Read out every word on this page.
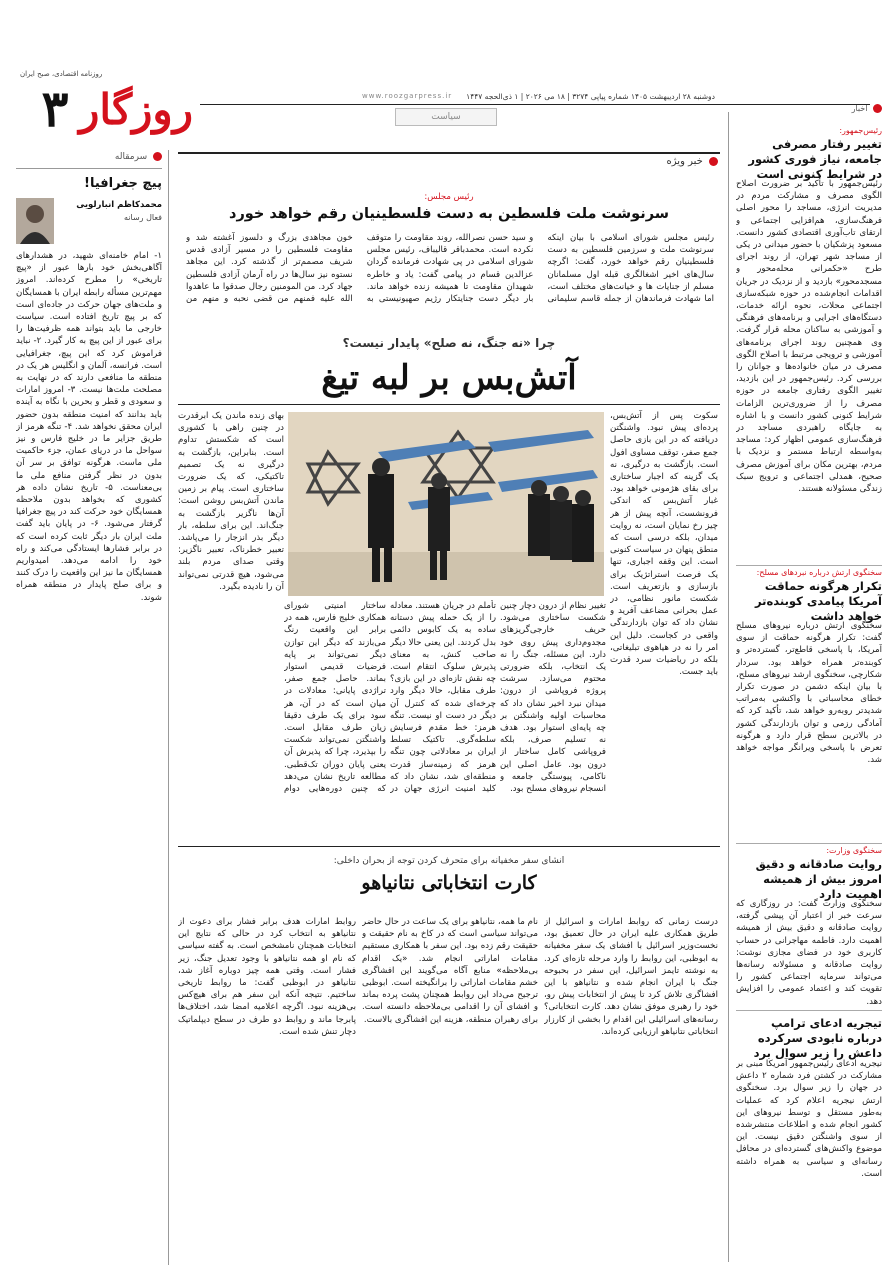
روزنامه اقتصادی، صبح ایران
۳ روزگار	دوشنبه ۲۸ اردیبهشت ۱۴۰۵ شماره پیاپی ۳۲۷۴ | ۱۸ می ۲۰۲۶ | ۱ ذی‌الحجه ۱۴۴۷
www.roozgarpress.ir
سیاست
اخبار
رئیس‌جمهور:
تغییر رفتار مصرفی جامعه، نیاز فوری کشور در شرایط کنونی است
رئیس‌جمهور با تأکید بر ضرورت اصلاح الگوی مصرف و مشارکت مردم در مدیریت انرژی، مساجد را محور اصلی فرهنگ‌سازی، هم‌افزایی اجتماعی و ارتقای تاب‌آوری اقتصادی کشور دانست. مسعود پزشکیان با حضور میدانی در یکی از مساجد شهر تهران، از روند اجرای طرح «حکمرانی محله‌محور و مسجد‌محور» بازدید و از نزدیک در جریان اقدامات انجام‌شده در حوزه شبکه‌سازی اجتماعی محلات، نحوه ارائه خدمات، دستگاه‌های اجرایی و برنامه‌های فرهنگی و آموزشی به ساکنان محله قرار گرفت. وی همچنین روند اجرای برنامه‌های آموزشی و ترویجی مرتبط با اصلاح الگوی مصرف در میان خانواده‌ها و جوانان را بررسی کرد. رئیس‌جمهور در این بازدید، تغییر الگوی رفتاری جامعه در حوزه مصرف را از ضروری‌ترین الزامات شرایط کنونی کشور دانست و با اشاره به جایگاه راهبردی مساجد در فرهنگ‌سازی عمومی اظهار کرد: مساجد به‌واسطه ارتباط مستمر و نزدیک با مردم، بهترین مکان برای آموزش مصرف صحیح، همدلی اجتماعی و ترویج سبک زندگی مسئولانه هستند.
سخنگوی ارتش درباره نبردهای مسلح:
تکرار هرگونه حماقت آمریکا پیامدی کوبنده‌تر خواهد داشت
سخنگوی ارتش درباره نیروهای مسلح گفت: تکرار هرگونه حماقت از سوی آمریکا، با پاسخی قاطع‌تر، گسترده‌تر و کوبنده‌تر همراه خواهد بود. سردار شکارچی، سخنگوی ارشد نیروهای مسلح، با بیان اینکه دشمن در صورت تکرار خطای محاسباتی با واکنشی به‌مراتب شدیدتر روبه‌رو خواهد شد، تأکید کرد که آمادگی رزمی و توان بازدارندگی کشور در بالاترین سطح قرار دارد و هرگونه تعرض با پاسخی ویرانگر مواجه خواهد شد.
سخنگوی وزارت:
روایت صادقانه و دقیق امروز بیش از همیشه اهمیت دارد
سخنگوی وزارت گفت: در روزگاری که سرعت خبر از اعتبار آن پیشی گرفته، روایت صادقانه و دقیق بیش از همیشه اهمیت دارد. فاطمه مهاجرانی در حساب کاربری خود در فضای مجازی نوشت: روایت صادقانه و مسئولانه رسانه‌ها می‌تواند سرمایه اجتماعی کشور را تقویت کند و اعتماد عمومی را افزایش دهد.
تیجریه ادعای ترامپ درباره نابودی سرکرده داعش را زیر سوال برد
نیجریه ادعای رئیس‌جمهور آمریکا مبنی بر مشارکت در کشتن فرد شماره ۲ داعش در جهان را زیر سوال برد. سخنگوی ارتش نیجریه اعلام کرد که عملیات به‌طور مستقل و توسط نیروهای این کشور انجام شده و اطلاعات منتشرشده از سوی واشنگتن دقیق نیست. این موضوع واکنش‌های گسترده‌ای در محافل رسانه‌ای و سیاسی به همراه داشته است.
خبر ویژه
رئیس مجلس:
سرنوشت ملت فلسطین به دست فلسطینیان رقم خواهد خورد
رئیس مجلس شورای اسلامی با بیان اینکه سرنوشت ملت و سرزمین فلسطین به دست فلسطینیان رقم خواهد خورد، گفت: اگرچه سال‌های اخیر اشغالگری قبله اول مسلمانان مسلم از جنایات ها و خیانت‌های مختلف است، اما شهادت فرماندهان از جمله قاسم سلیمانی و سید حسن نصرالله، روند مقاومت را متوقف نکرده است. محمدباقر قالیباف، رئیس مجلس شورای اسلامی در پی شهادت فرمانده گردان عزالدین قسام در پیامی گفت: یاد و خاطره شهیدان مقاومت تا همیشه زنده خواهد ماند. بار دیگر دست جنایتکار رژیم صهیونیستی به خون مجاهدی بزرگ و دلسوز آغشته شد و مقاومت فلسطین را در مسیر آزادی قدس شریف مصمم‌تر از گذشته کرد. این مجاهد نستوه نیز سال‌ها در راه آرمان آزادی فلسطین جهاد کرد. من المومنین رجال صدقوا ما عاهدوا الله علیه فمنهم من قضی نحبه و منهم من
چرا «نه جنگ، نه صلح» پایدار نیست؟
آتش‌بس بر لبه تیغ
سکوت پس از آتش‌بس، پرده‌ای پیش نبود. واشنگتن دریافته که در این بازی حاصل جمع صفر، توقف مساوی افول است. بازگشت به درگیری، نه یک گزینه که اجبار ساختاری برای بقای هژمونی خواهد بود. غبار آتش‌بس که اندکی فرونشست، آنچه پیش از هر چیز رخ نمایان است، نه روایت میدان، بلکه درسی است که منطق پنهان در سیاست کنونی است. این وقفه اجباری، تنها یک فرصت استراتژیک برای بازسازی و بازتعریف است. شکست مانور نظامی، در عمل بحرانی مضاعف آفرید و نشان داد که توان بازدارندگی واقعی در کجاست. دلیل این امر را نه در هیاهوی تبلیغاتی، بلکه در ریاضیات سرد قدرت باید جست.
بهای زنده ماندن یک ابرقدرت در چنین راهی با کشوری است که شکستش تداوم است. بنابراین، بازگشت به درگیری نه یک تصمیم تاکتیکی، که یک ضرورت ساختاری است. پیام بر زمین ماندن آتش‌بس روشن است: آن‌ها ناگزیر بازگشت به جنگ‌اند. این برای سلطه، بار دیگر بذر انزجار را می‌پاشد. تعبیر خطرناک، تعبیر ناگزیر: وقتی صدای مردم بلند می‌شود، هیچ قدرتی نمی‌تواند آن را نادیده بگیرد.
تغییر نظام از درون دچار چنین شکست ساختاری می‌شود. حریف خارجی‌گریزهای مجدوم‌داری پیش روی خود دارد. این مسئله، جنگ را نه یک انتخاب، بلکه ضرورتی محتوم می‌سازد. سرشت پروژه فروپاشی از درون: میدان نبرد اخیر نشان داد که محاسبات اولیه واشنگتن بر چه پایه‌ای استوار بود. هدف نه تسلیم صرف، بلکه فروپاشی کامل ساختار از درون بود. عامل اصلی این ناکامی، پیوستگی جامعه و انسجام نیروهای مسلح بود.
تأملم در جریان هستند. معادله را از یک حمله پیش دستانه ساده به یک کابوس دائمی بدل کردند. این یعنی حالا دیگر صاحب کنش، به معنای پذیرش سلوک انتقام است. چه نقش تازه‌ای در این بازی؟ طرف مقابل، حالا دیگر وارد چرخه‌ای شده که کنترل آن دیگر در دست او نیست. تنگه هرمز: خط مقدم فرسایش سلطه‌گری. تاکتیک تسلط ایران بر معادلاتی چون تنگه هرمز که زمینه‌ساز قدرت منطقه‌ای شد، نشان داد که کلید امنیت انرژی جهان در
ساختار امنیتی شورای همکاری خلیج فارس، همه در برابر این واقعیت رنگ می‌بازند که دیگر این توازن دیگر نمی‌تواند بر پایه فرضیات قدیمی استوار بماند. حاصل جمع صفر، تراژدی پایانی: معادلات در میان است که در آن، هر سود برای یک طرف دقیقا زیان طرف مقابل است. واشنگتن نمی‌تواند شکست را بپذیرد، چرا که پذیرش آن یعنی پایان دوران تک‌قطبی. مطالعه تاریخ نشان می‌دهد که چنین دوره‌هایی دوام
انشای سفر مخفیانه برای متحرف کردن توجه از بحران داخلی:
کارت انتخاباتی نتانیاهو
درست زمانی که روابط امارات و اسرائیل از طریق همکاری علیه ایران در حال تعمیق بود، نخست‌وزیر اسرائیل با افشای یک سفر مخفیانه به ابوظبی، این روابط را وارد مرحله تازه‌ای کرد. به نوشته تایمز اسرائیل، این سفر در بحبوحه جنگ با ایران انجام شده و نتانیاهو با این افشاگری تلاش کرد تا پیش از انتخابات پیش رو، خود را رهبری موفق نشان دهد. کارت انتخاباتی؟ رسانه‌های اسرائیلی این اقدام را بخشی از کارزار انتخاباتی نتانیاهو ارزیابی کرده‌اند.
نام ما همه، نتانیاهو برای یک ساعت در حال حاضر می‌تواند سیاسی است که در کاخ به نام حقیقت و حقیقت رقم زده بود. این سفر با همکاری مستقیم مقامات اماراتی انجام شد. «یک اقدام بی‌ملاحظه» منابع آگاه می‌گویند این افشاگری خشم مقامات اماراتی را برانگیخته است. ابوظبی ترجیح می‌داد این روابط همچنان پشت پرده بماند و افشای آن را اقدامی بی‌ملاحظه دانسته است. برای رهبران منطقه، هزینه این افشاگری بالاست.
روابط امارات هدف برابر فشار برای دعوت از نتانیاهو به انتخاب کرد در حالی که نتایج این انتخابات همچنان نامشخص است. به گفته سیاسی که نام او همه نتانیاهو با وجود تعدیل جنگ، زیر فشار است. وقتی همه چیز دوباره آغاز شد، نتانیاهو در ابوظبی گفت: ما روابط تاریخی ساختیم. نتیجه آنکه این سفر هم برای هیچ‌کس بی‌هزینه نبود. اگرچه اعلامیه امضا شد، اختلاف‌ها پابرجا ماند و روابط دو طرف در سطح دیپلماتیک دچار تنش شده است.
سرمقاله
پیچ جغرافیا!
محمدکاظم انبارلویی
فعال رسانه
۱- امام خامنه‌ای شهید، در هشدارهای آگاهی‌بخش خود بارها عبور از «پیچ تاریخی» را مطرح کرده‌اند. امروز مهم‌ترین مسأله رابطه ایران با همسایگان و ملت‌های جهان حرکت در جاده‌ای است که بر پیچ تاریخ افتاده است. سیاست خارجی ما باید بتواند همه ظرفیت‌ها را برای عبور از این پیچ به کار گیرد. ۲- نباید فراموش کرد که این پیچ، جغرافیایی است. فرانسه، آلمان و انگلیس هر یک در منطقه ما منافعی دارند که در نهایت به مصلحت ملت‌ها نیست. ۳- امروز امارات و سعودی و قطر و بحرین با نگاه به آینده باید بدانند که امنیت منطقه بدون حضور ایران محقق نخواهد شد. ۴- تنگه هرمز از طریق جزایر ما در خلیج فارس و نیز سواحل ما در دریای عمان، جزء حاکمیت ملی ماست. هرگونه توافق بر سر آن بدون در نظر گرفتن منافع ملی ما بی‌معناست. ۵- تاریخ نشان داده هر کشوری که بخواهد بدون ملاحظه همسایگان خود حرکت کند در پیچ جغرافیا گرفتار می‌شود. ۶- در پایان باید گفت ملت ایران بار دیگر ثابت کرده است که در برابر فشارها ایستادگی می‌کند و راه خود را ادامه می‌دهد. امیدواریم همسایگان ما نیز این واقعیت را درک کنند و برای صلح پایدار در منطقه همراه شوند.
